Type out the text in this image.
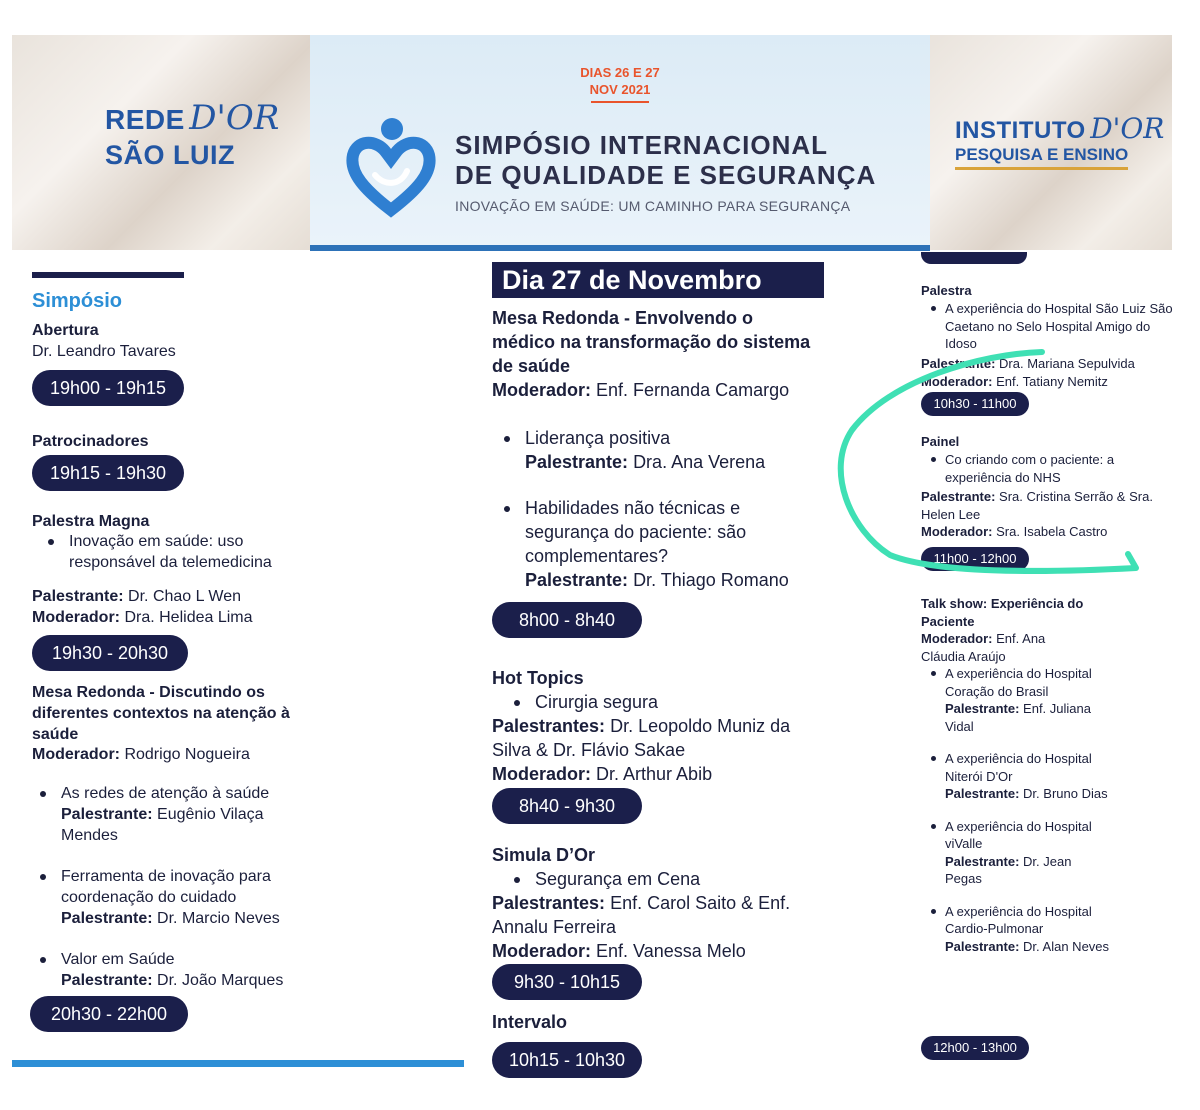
REDE D'OR
SÃO LUIZ
DIAS 26 E 27
NOV 2021
SIMPÓSIO INTERNACIONAL
DE QUALIDADE E SEGURANÇA
INOVAÇÃO EM SAÚDE: UM CAMINHO PARA SEGURANÇA
INSTITUTO D'OR PESQUISA E ENSINO
Simpósio
Abertura
Dr. Leandro Tavares
19h00 - 19h15
Patrocinadores
19h15 - 19h30
Palestra Magna
Inovação em saúde: uso responsável da telemedicina
Palestrante: Dr. Chao L Wen
Moderador: Dra. Helidea Lima
19h30 - 20h30
Mesa Redonda - Discutindo os diferentes contextos na atenção à saúde
Moderador: Rodrigo Nogueira
As redes de atenção à saúde
Palestrante: Eugênio Vilaça Mendes
Ferramenta de inovação para coordenação do cuidado
Palestrante: Dr. Marcio Neves
Valor em Saúde
Palestrante: Dr. João Marques
20h30 - 22h00
Dia 27 de Novembro
Mesa Redonda - Envolvendo o médico na transformação do sistema de saúde
Moderador: Enf. Fernanda Camargo
Liderança positiva
Palestrante: Dra. Ana Verena
Habilidades não técnicas e segurança do paciente: são complementares?
Palestrante: Dr. Thiago Romano
8h00 - 8h40
Hot Topics
Cirurgia segura
Palestrantes: Dr. Leopoldo Muniz da Silva & Dr. Flávio Sakae
Moderador: Dr. Arthur Abib
8h40 - 9h30
Simula D’Or
Segurança em Cena
Palestrantes: Enf. Carol Saito & Enf. Annalu Ferreira
Moderador: Enf. Vanessa Melo
9h30 - 10h15
Intervalo
10h15 - 10h30
Palestra
A experiência do Hospital São Luiz São Caetano no Selo Hospital Amigo do Idoso
Palestrante: Dra. Mariana Sepulvida
Moderador: Enf. Tatiany Nemitz
10h30 - 11h00
Painel
Co criando com o paciente: a experiência do NHS
Palestrante: Sra. Cristina Serrão & Sra. Helen Lee
Moderador: Sra. Isabela Castro
11h00 - 12h00
Talk show: Experiência do Paciente
Moderador: Enf. Ana Cláudia Araújo
A experiência do Hospital Coração do Brasil
Palestrante: Enf. Juliana Vidal
A experiência do Hospital Niterói D'Or
Palestrante: Dr. Bruno Dias
A experiência do Hospital viValle
Palestrante: Dr. Jean Pegas
A experiência do Hospital Cardio-Pulmonar
Palestrante: Dr. Alan Neves
12h00 - 13h00
